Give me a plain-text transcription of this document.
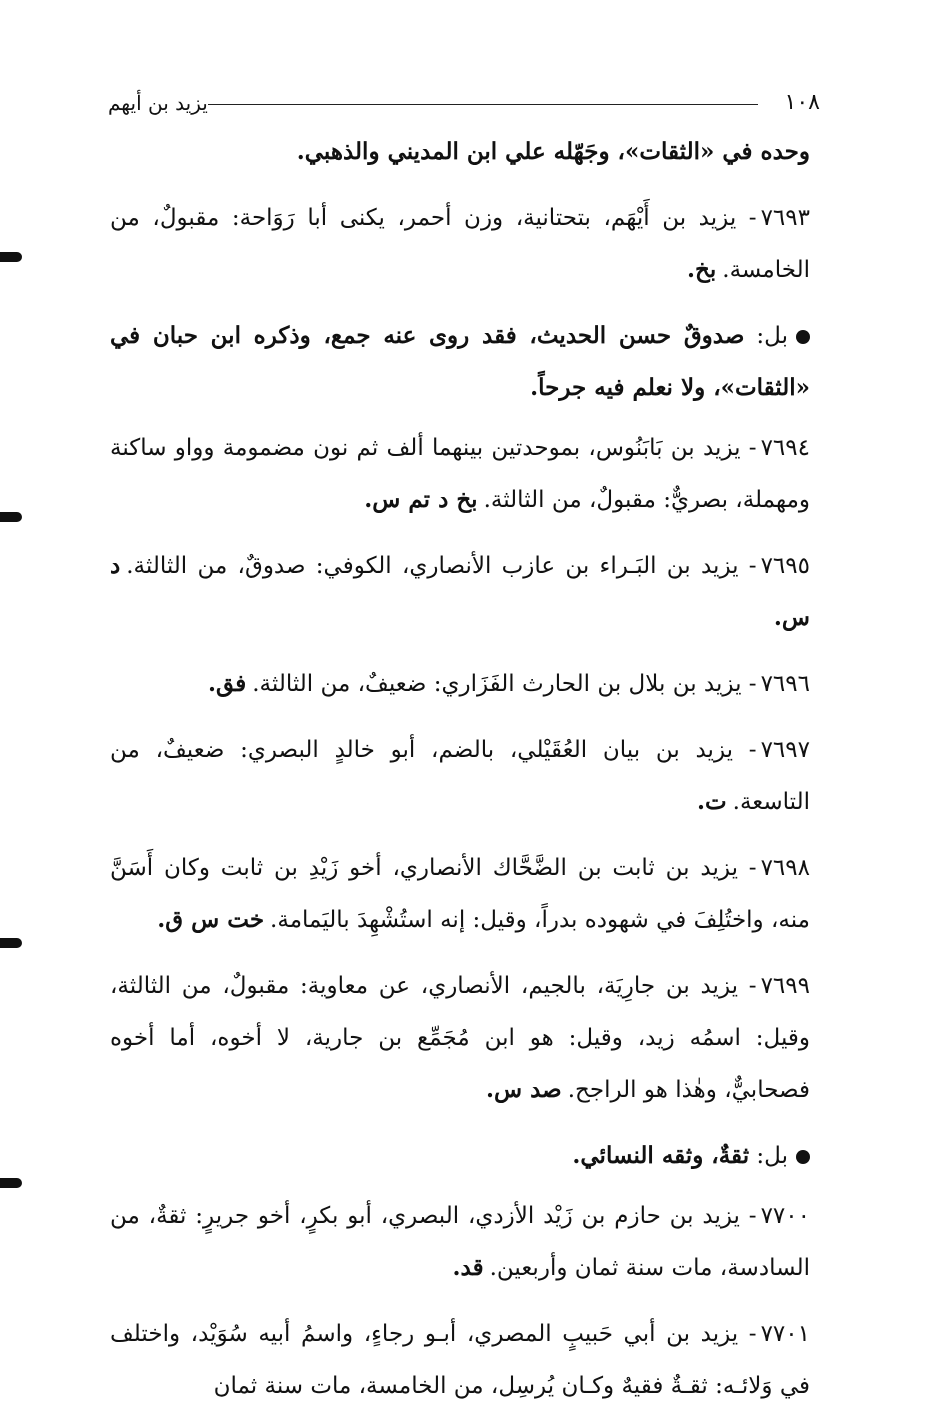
١٠٨
يزيد بن أيهم

وحده في «الثقات»، وجَهّله علي ابن المديني والذهبي.

٧٦٩٣- يزيد بن أَيْهَم، بتحتانية، وزن أحمر، يكنى أبا رَوَاحة: مقبولٌ، من الخامسة.بخ.

بل: صدوقٌ حسن الحديث، فقد روى عنه جمع، وذكره ابن حبان في «الثقات»، ولا نعلم فيه جرحاً.

٧٦٩٤- يزيد بن بَابَنُوس، بموحدتين بينهما ألف ثم نون مضمومة وواو ساكنة ومهملة، بصريٌّ: مقبولٌ، من الثالثة.بخ د تم س.

٧٦٩٥- يزيد بن البَـراء بن عازب الأنصاري، الكوفي: صدوقٌ، من الثالثة.د س.

٧٦٩٦- يزيد بن بلال بن الحارث الفَزَاري: ضعيفٌ، من الثالثة.فق.

٧٦٩٧- يزيد بن بيان العُقَيْلي، بالضم، أبو خالدٍ البصري: ضعيفٌ، من التاسعة.ت.

٧٦٩٨- يزيد بن ثابت بن الضَّحَّاك الأنصاري، أخو زَيْدِ بن ثابت وكان أَسَنَّ منه، واختُلِفَ في شهوده بدراً، وقيل: إنه استُشْهِدَ باليَمامة.خت س ق.

٧٦٩٩- يزيد بن جارِيَة، بالجيم، الأنصاري، عن معاوية: مقبولٌ، من الثالثة، وقيل: اسمُه زيد، وقيل: هو ابن مُجَمِّع بن جارية، لا أخوه، أما أخوه فصحابيٌّ، وهٰذا هو الراجح.صد س.

بل: ثقةٌ، وثقه النسائي.

٧٧٠٠- يزيد بن حازم بن زَيْد الأزدي، البصري، أبو بكرٍ، أخو جريرٍ: ثقةٌ، من السادسة، مات سنة ثمان وأربعين.قد.

٧٧٠١- يزيد بن أبي حَبيبٍ المصري، أبـو رجاءٍ، واسمُ أبيه سُوَيْد، واختلف في وَلائـه: ثقـةٌ فقيهٌ وكـان يُرسِل، من الخامسة، مات سنة ثمان
